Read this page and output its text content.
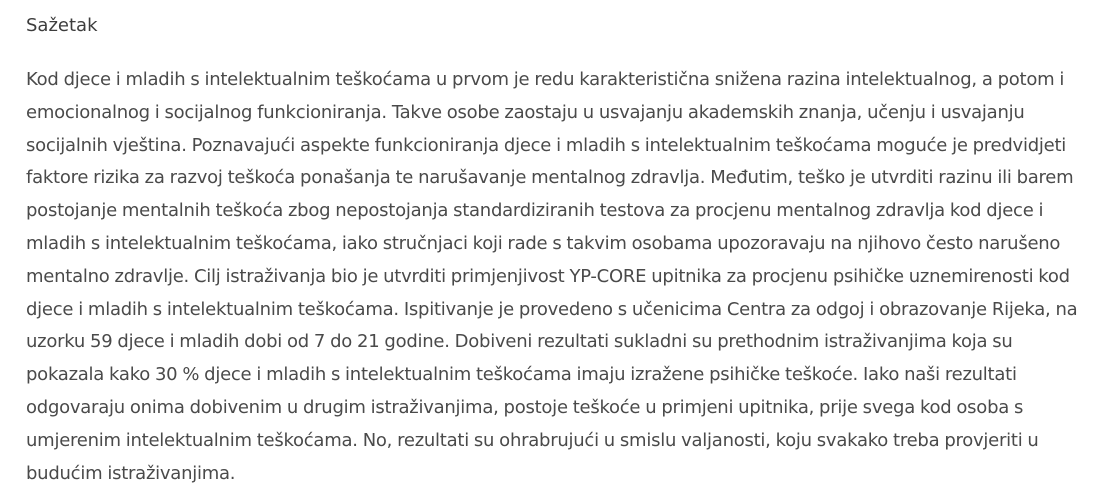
Sažetak

Kod djece i mladih s intelektualnim teškoćama u prvom je redu karakteristična snižena razina intelektualnog, a potom i emocionalnog i socijalnog funkcioniranja. Takve osobe zaostaju u usvajanju akademskih znanja, učenju i usvajanju socijalnih vještina. Poznavajući aspekte funkcioniranja djece i mladih s intelektualnim teškoćama moguće je predvidjeti faktore rizika za razvoj teškoća ponašanja te narušavanje mentalnog zdravlja. Međutim, teško je utvrditi razinu ili barem postojanje mentalnih teškoća zbog nepostojanja standardiziranih testova za procjenu mentalnog zdravlja kod djece i mladih s intelektualnim teškoćama, iako stručnjaci koji rade s takvim osobama upozoravaju na njihovo često narušeno mentalno zdravlje. Cilj istraživanja bio je utvrditi primjenjivost YP-CORE upitnika za procjenu psihičke uznemirenosti kod djece i mladih s intelektualnim teškoćama. Ispitivanje je provedeno s učenicima Centra za odgoj i obrazovanje Rijeka, na uzorku 59 djece i mladih dobi od 7 do 21 godine. Dobiveni rezultati sukladni su prethodnim istraživanjima koja su pokazala kako 30 % djece i mladih s intelektualnim teškoćama imaju izražene psihičke teškoće. Iako naši rezultati odgovaraju onima dobivenim u drugim istraživanjima, postoje teškoće u primjeni upitnika, prije svega kod osoba s umjerenim intelektualnim teškoćama. No, rezultati su ohrabrujući u smislu valjanosti, koju svakako treba provjeriti u budućim istraživanjima.
